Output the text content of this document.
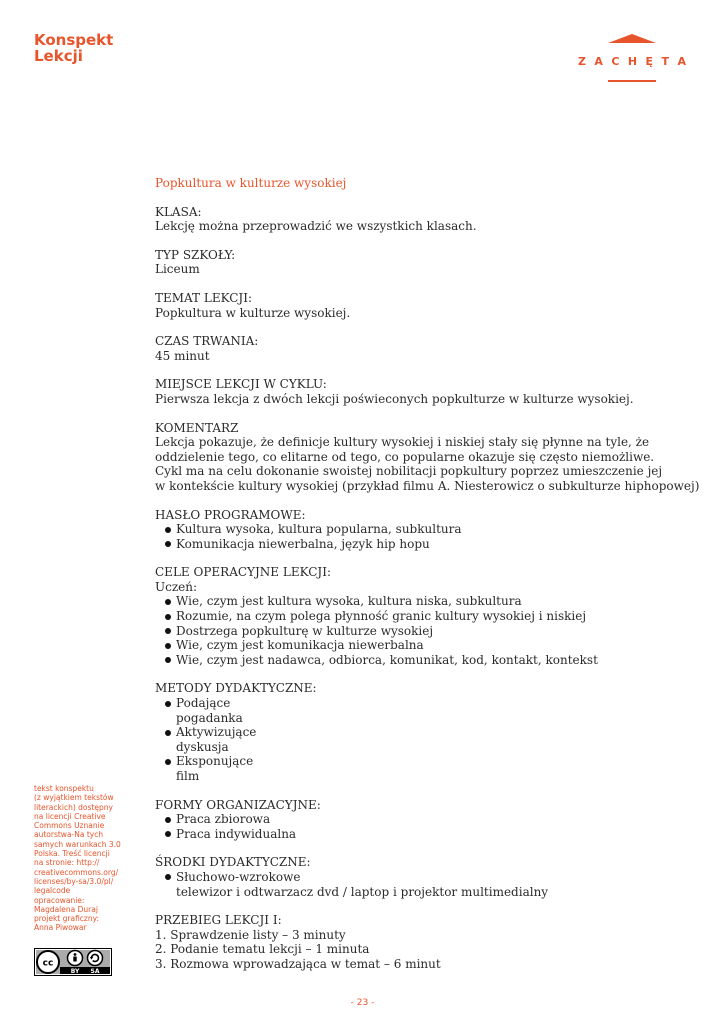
Konspekt
Lekcji	Z A C H Ę T A
Popkultura w kulturze wysokiej
KLASA:
Lekcję można przeprowadzić we wszystkich klasach.
TYP SZKOŁY:
Liceum
TEMAT LEKCJI:
Popkultura w kulturze wysokiej.
CZAS TRWANIA:
45 minut
MIEJSCE LEKCJI W CYKLU:
Pierwsza lekcja z dwóch lekcji poświeconych popkulturze w kulturze wysokiej.
KOMENTARZ
Lekcja pokazuje, że definicje kultury wysokiej i niskiej stały się płynne na tyle, że
oddzielenie tego, co elitarne od tego, co popularne okazuje się często niemożliwe.
Cykl ma na celu dokonanie swoistej nobilitacji popkultury poprzez umieszczenie jej
w kontekście kultury wysokiej (przykład filmu A. Niesterowicz o subkulturze hiphopowej)
HASŁO PROGRAMOWE:
Kultura wysoka, kultura popularna, subkultura
Komunikacja niewerbalna, język hip hopu
CELE OPERACYJNE LEKCJI:
Uczeń:
Wie, czym jest kultura wysoka, kultura niska, subkultura
Rozumie, na czym polega płynność granic kultury wysokiej i niskiej
Dostrzega popkulturę w kulturze wysokiej
Wie, czym jest komunikacja niewerbalna
Wie, czym jest nadawca, odbiorca, komunikat, kod, kontakt, kontekst
METODY DYDAKTYCZNE:
Podające
pogadanka
Aktywizujące
dyskusja
Eksponujące
film
FORMY ORGANIZACYJNE:
Praca zbiorowa
Praca indywidualna
ŚRODKI DYDAKTYCZNE:
Słuchowo-wzrokowe
telewizor i odtwarzacz dvd / laptop i projektor multimedialny
PRZEBIEG LEKCJI I:
1. Sprawdzenie listy – 3 minuty
2. Podanie tematu lekcji – 1 minuta
3. Rozmowa wprowadzająca w temat – 6 minut
tekst konspektu
(z wyjątkiem tekstów
literackich) dostępny
na licencji Creative
Commons Uznanie
autorstwa-Na tych
samych warunkach 3.0
Polska. Treść licencji
na stronie: http://
creativecommons.org/
licenses/by-sa/3.0/pl/
legalcode
opracowanie:
Magdalena Duraj
projekt graficzny:
Anna Piwowar
cc
BY SA
- 23 -
